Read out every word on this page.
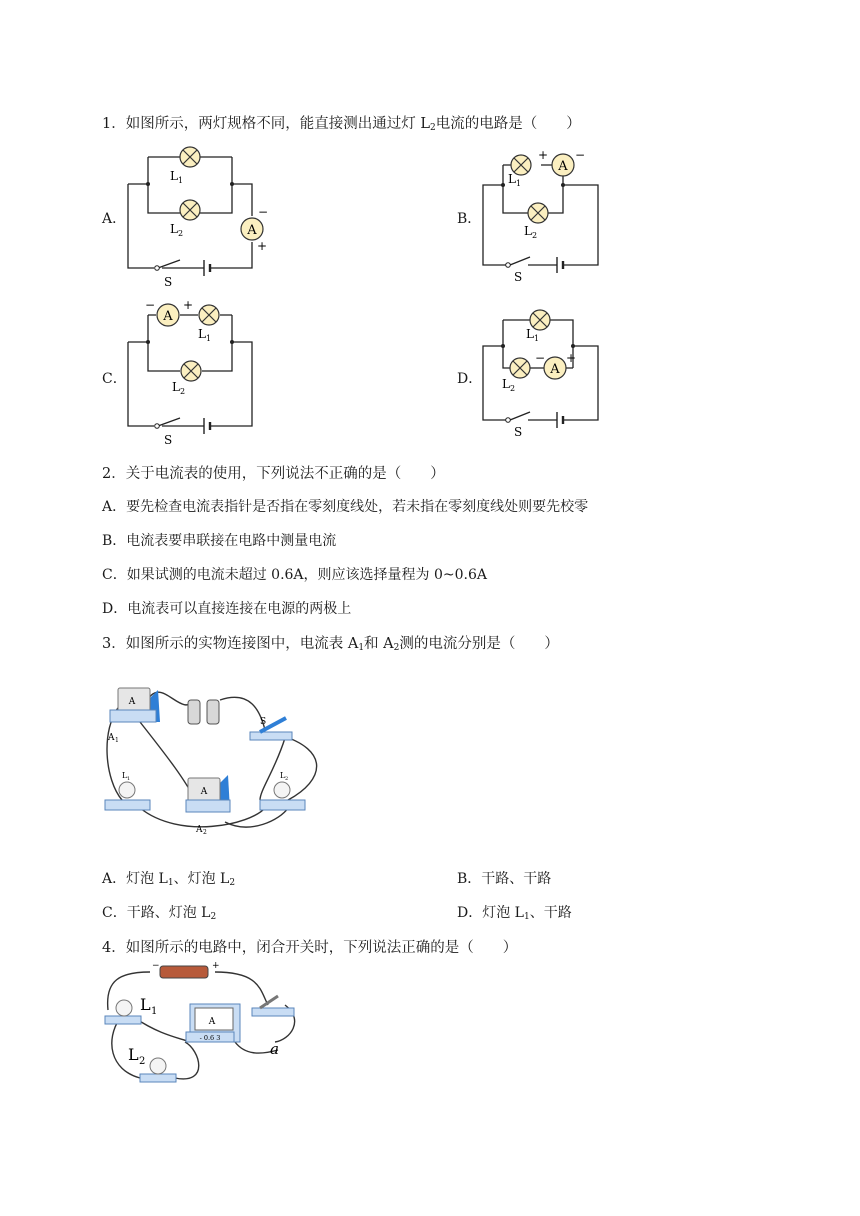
1．如图所示，两灯规格不同，能直接测出通过灯 $L_2$电流的电路是（　　）
A．	B．
C．	D．
A
−
+
L 1
L 2
S
A
+ −
L 1
L 2
S
A
− +
L 1
L 2
S
A
− +
L 1
L 2
S
2．关于电流表的使用，下列说法不正确的是（　　）
A．要先检查电流表指针是否指在零刻度线处，若未指在零刻度线处则要先校零
B．电流表要串联接在电路中测量电流
C．如果试测的电流未超过 0.6A，则应该选择量程为 0~0.6A
D．电流表可以直接连接在电源的两极上
3．如图所示的实物连接图中，电流表 $A_1$和 $A_2$测的电流分别是（　　）
A
A 1
S
L 1
A
A 2
L 2
A．灯泡 $L_1$、灯泡 $L_2$	B．干路、干路
C．干路、灯泡 $L_2$	D．灯泡 $L_1$、干路
4．如图所示的电路中，闭合开关时，下列说法正确的是（　　）
−	+
L 1
A
- 0.6 3
a
L 2
